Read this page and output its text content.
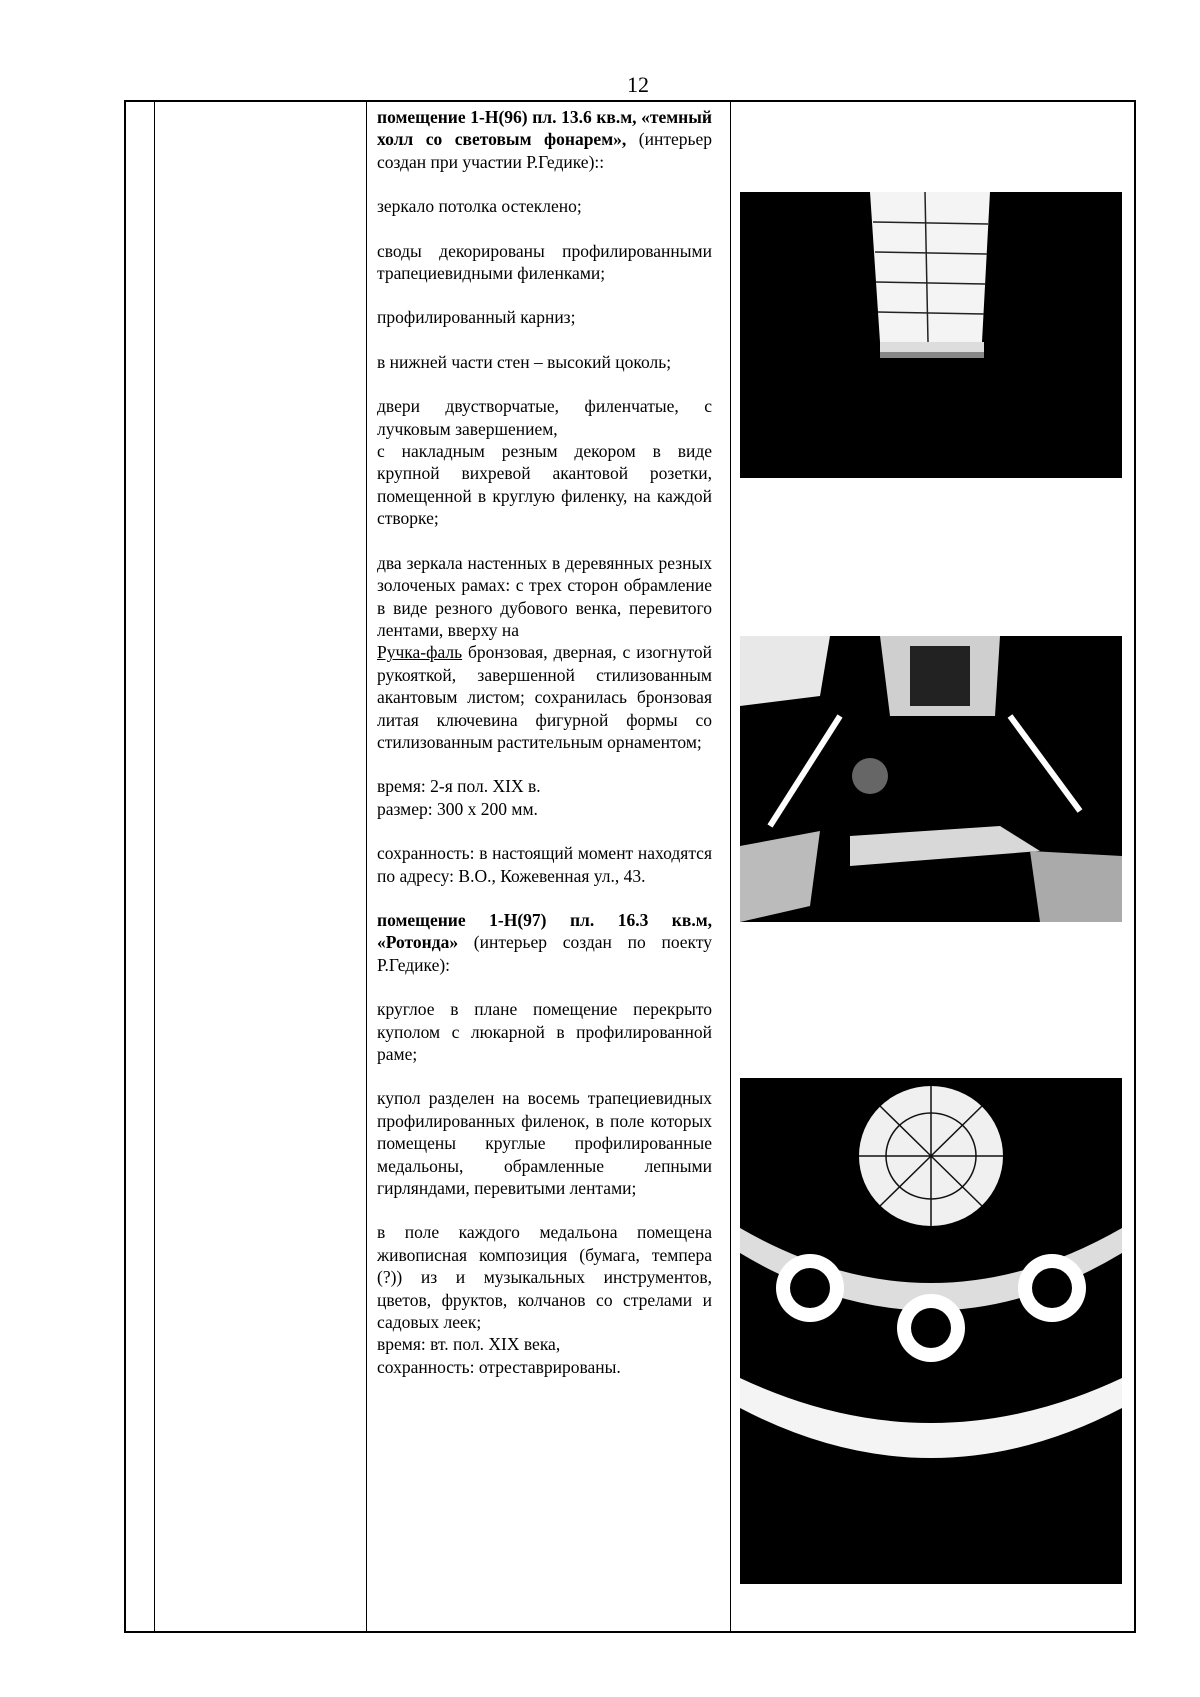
12

помещение 1-Н(96) пл. 13.6 кв.м, «темный холл со световым фонарем», (интерьер создан при участии Р.Гедике)::

зеркало потолка остеклено;

своды декорированы профилированными трапециевидными филенками;

профилированный карниз;

в нижней части стен – высокий цоколь;

двери двустворчатые, филенчатые, с лучковым завершением,

с накладным резным декором в виде крупной вихревой акантовой розетки, помещенной в круглую филенку, на каждой створке;

два зеркала настенных в деревянных резных золоченых рамах: с трех сторон обрамление в виде резного дубового венка, перевитого лентами, вверху на

Ручка-фаль бронзовая, дверная, с изогнутой рукояткой, завершенной стилизованным акантовым листом; сохранилась бронзовая литая ключевина фигурной формы со стилизованным растительным орнаментом;

время: 2-я пол. XIX в.

размер: 300 х 200 мм.

сохранность: в настоящий момент находятся по адресу: В.О., Кожевенная ул., 43.

помещение 1-Н(97) пл. 16.3 кв.м, «Ротонда» (интерьер создан по поекту Р.Гедике):

круглое в плане помещение перекрыто куполом с люкарной в профилированной раме;

купол разделен на восемь трапециевидных профилированных филенок, в поле которых помещены круглые профилированные медальоны, обрамленные лепными гирляндами, перевитыми лентами;

в поле каждого медальона помещена живописная композиция (бумага, темпера (?)) из и музыкальных инструментов, цветов, фруктов, колчанов со стрелами и садовых леек;

время: вт. пол. XIX века,

сохранность: отреставрированы.
